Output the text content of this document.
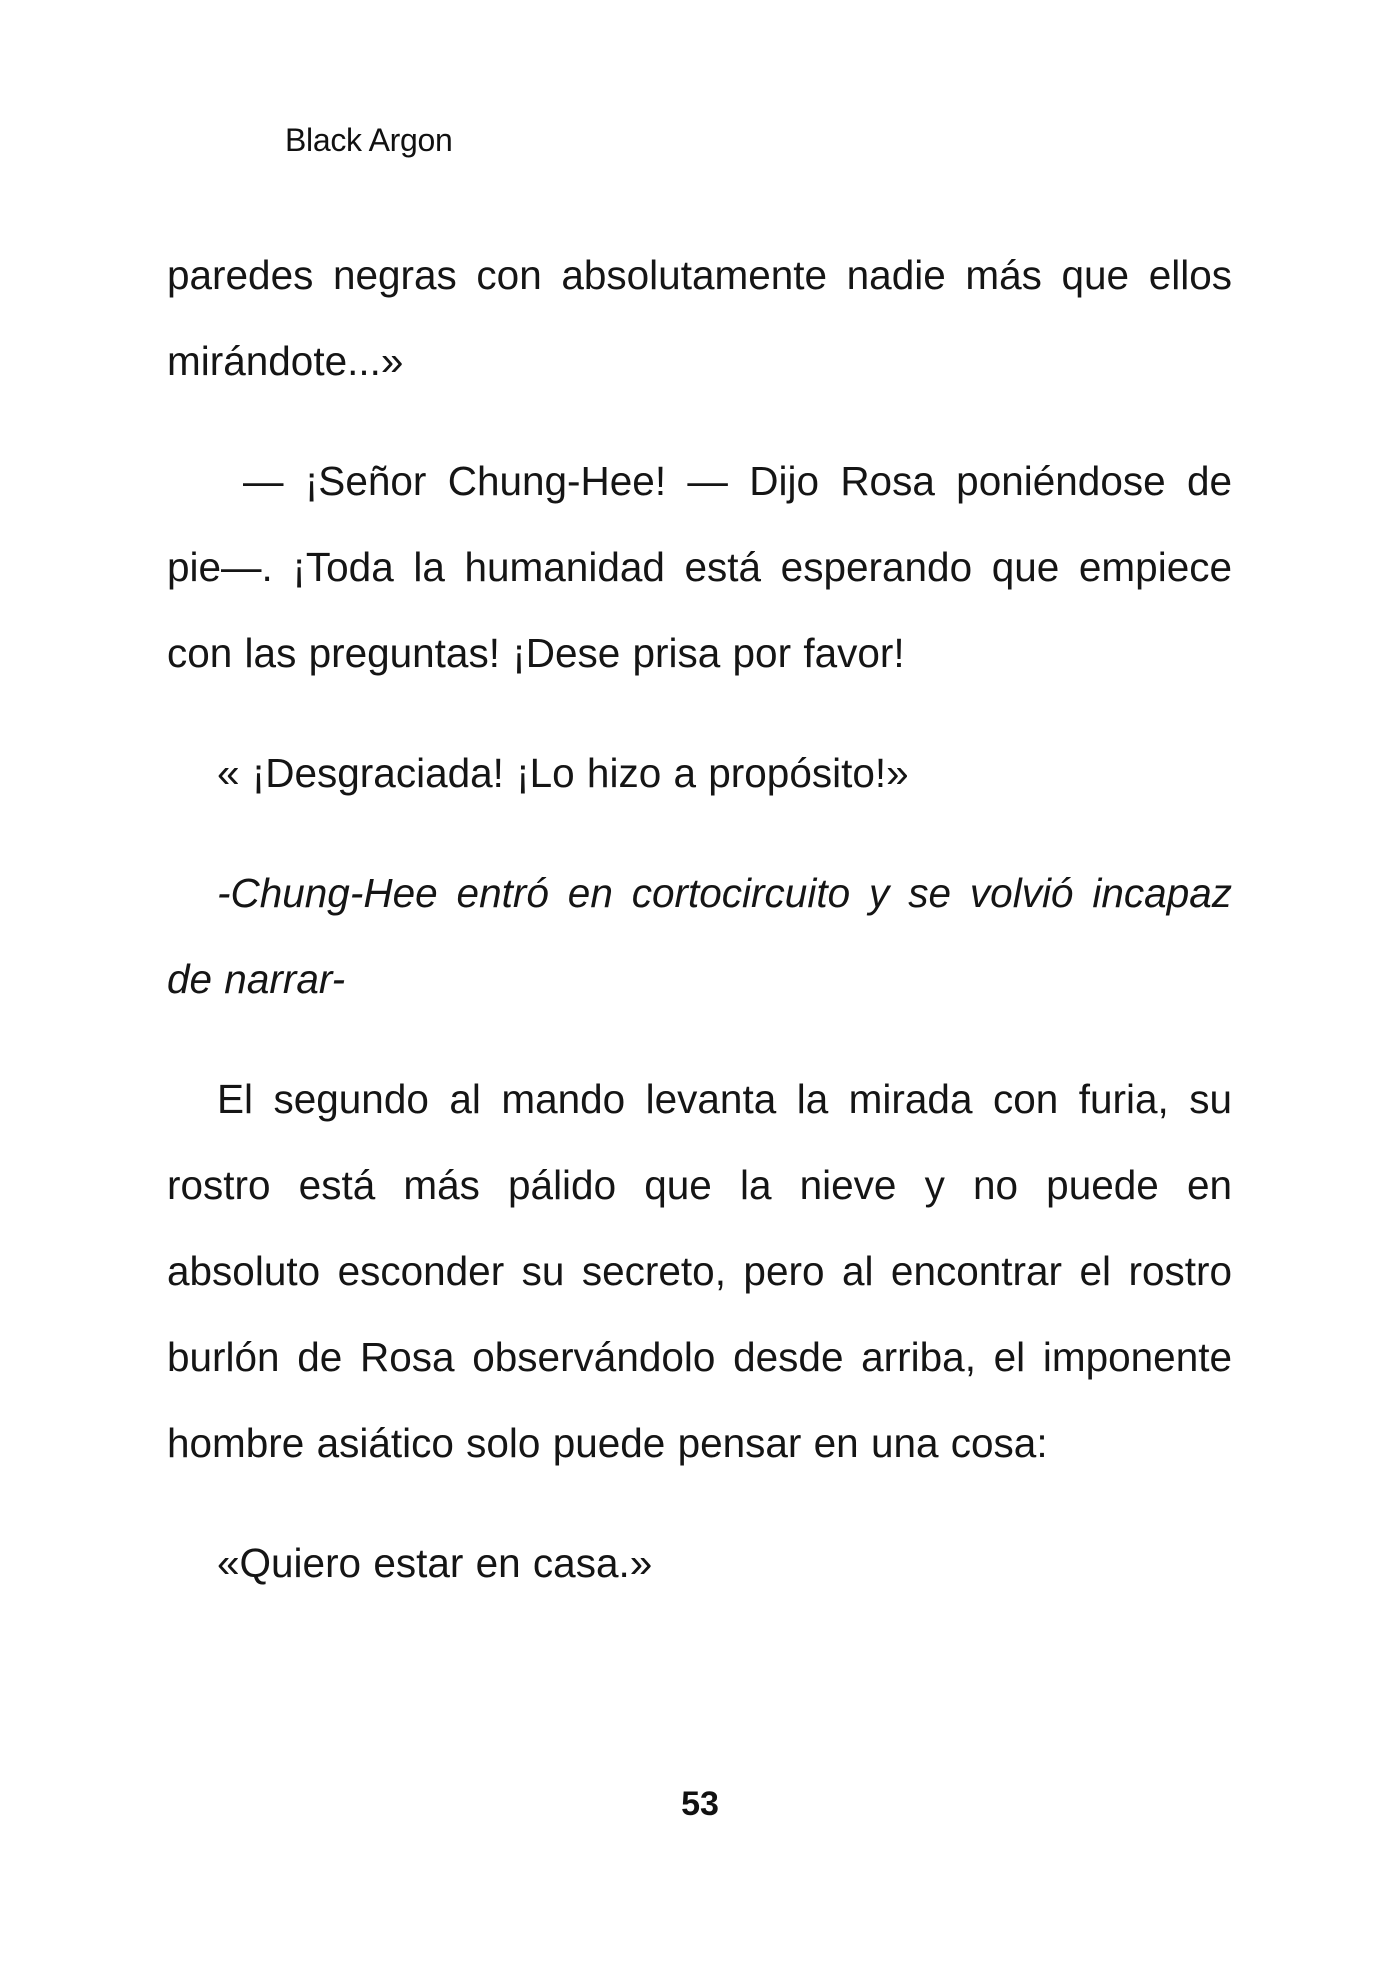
Black Argon

paredes negras con absolutamente nadie más que ellos mirándote...»

— ¡Señor Chung-Hee! — Dijo Rosa poniéndose de pie—. ¡Toda la humanidad está esperando que empiece con las preguntas! ¡Dese prisa por favor!

« ¡Desgraciada! ¡Lo hizo a propósito!»

-Chung-Hee entró en cortocircuito y se volvió incapaz de narrar-

El segundo al mando levanta la mirada con furia, su rostro está más pálido que la nieve y no puede en absoluto esconder su secreto, pero al encontrar el rostro burlón de Rosa observándolo desde arriba, el imponente hombre asiático solo puede pensar en una cosa:

«Quiero estar en casa.»

53
